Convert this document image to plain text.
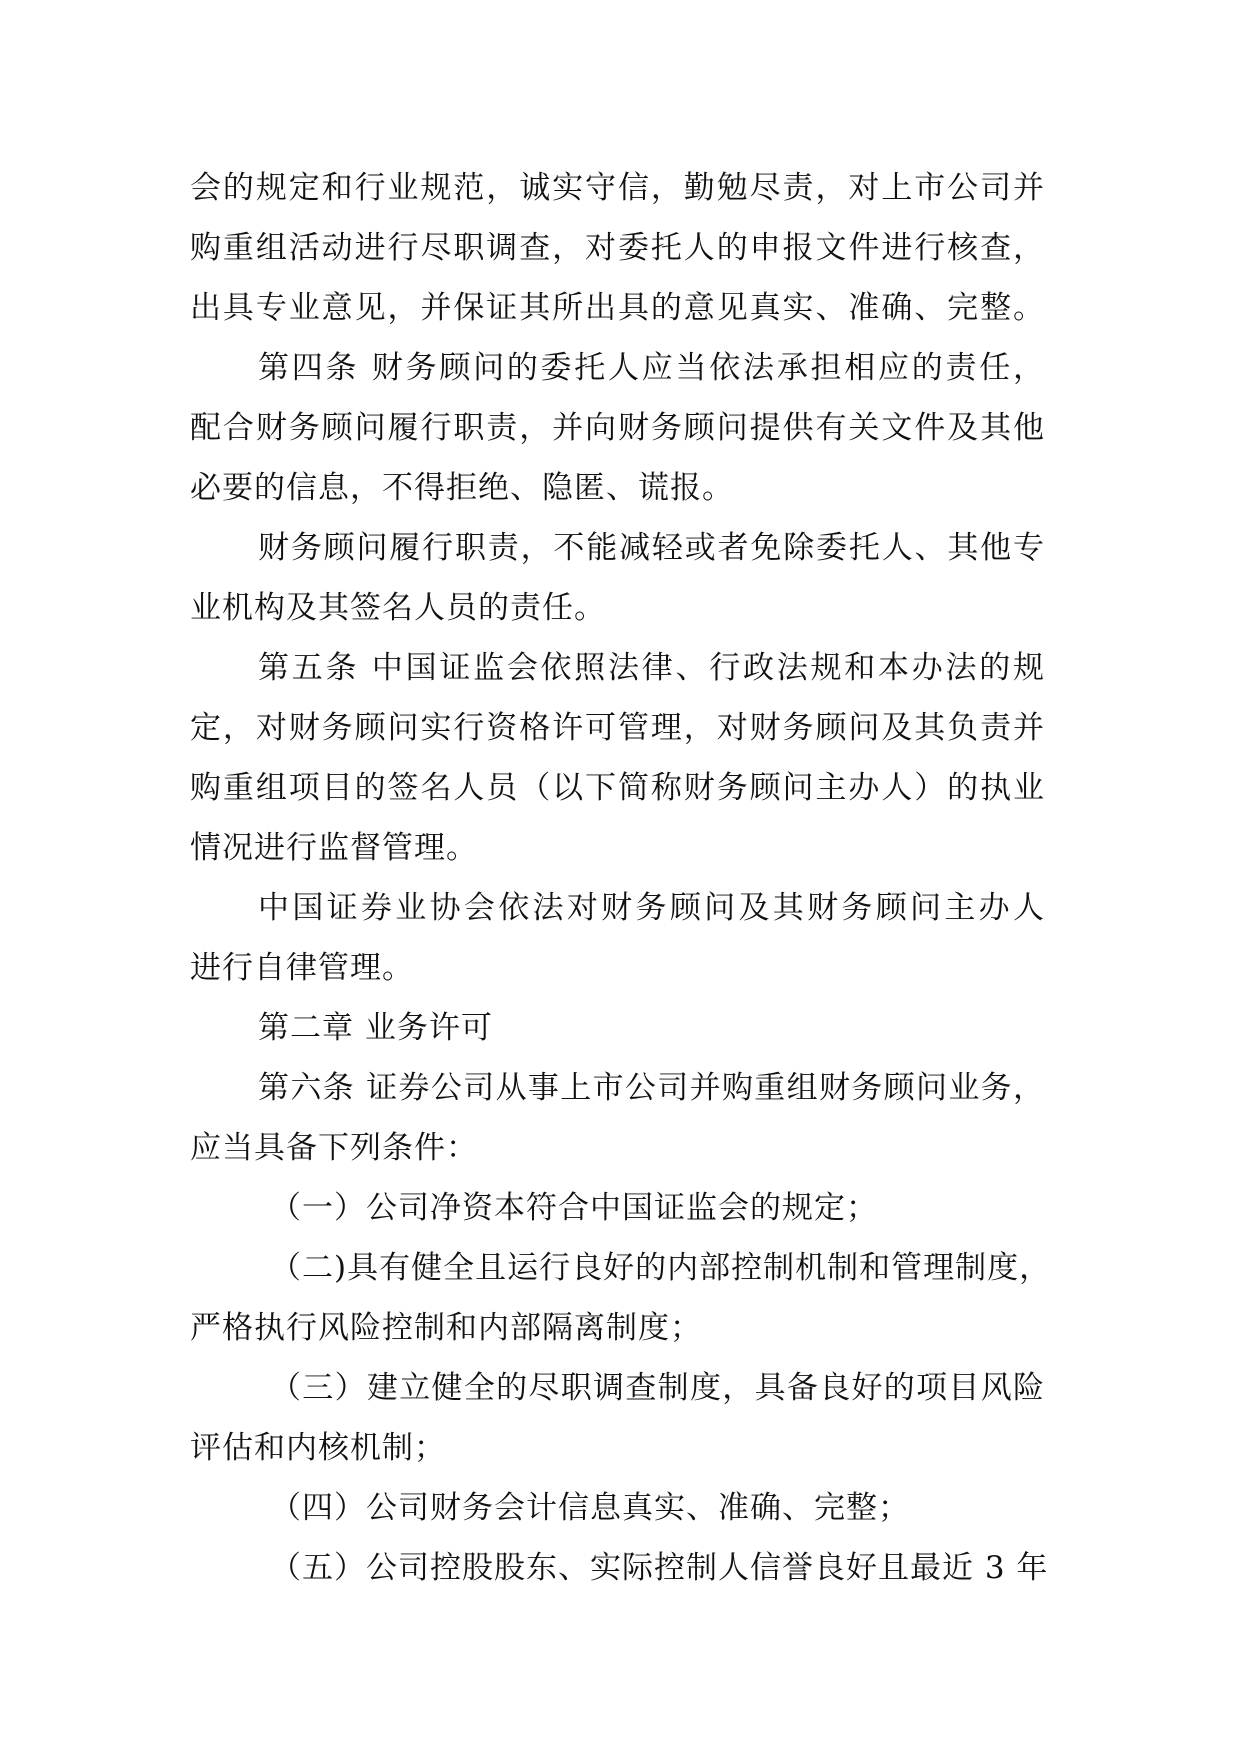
会的规定和行业规范，诚实守信，勤勉尽责，对上市公司并
购重组活动进行尽职调查，对委托人的申报文件进行核查，
出具专业意见，并保证其所出具的意见真实、准确、完整。
第四条 财务顾问的委托人应当依法承担相应的责任，
配合财务顾问履行职责，并向财务顾问提供有关文件及其他
必要的信息，不得拒绝、隐匿、谎报。
财务顾问履行职责，不能减轻或者免除委托人、其他专
业机构及其签名人员的责任。
第五条 中国证监会依照法律、行政法规和本办法的规
定，对财务顾问实行资格许可管理，对财务顾问及其负责并
购重组项目的签名人员（以下简称财务顾问主办人）的执业
情况进行监督管理。
中国证券业协会依法对财务顾问及其财务顾问主办人
进行自律管理。
第二章 业务许可
第六条 证券公司从事上市公司并购重组财务顾问业务，
应当具备下列条件：
（一）公司净资本符合中国证监会的规定；
（二)具有健全且运行良好的内部控制机制和管理制度，
严格执行风险控制和内部隔离制度；
（三）建立健全的尽职调查制度，具备良好的项目风险
评估和内核机制；
（四）公司财务会计信息真实、准确、完整；
（五）公司控股股东、实际控制人信誉良好且最近 3 年
